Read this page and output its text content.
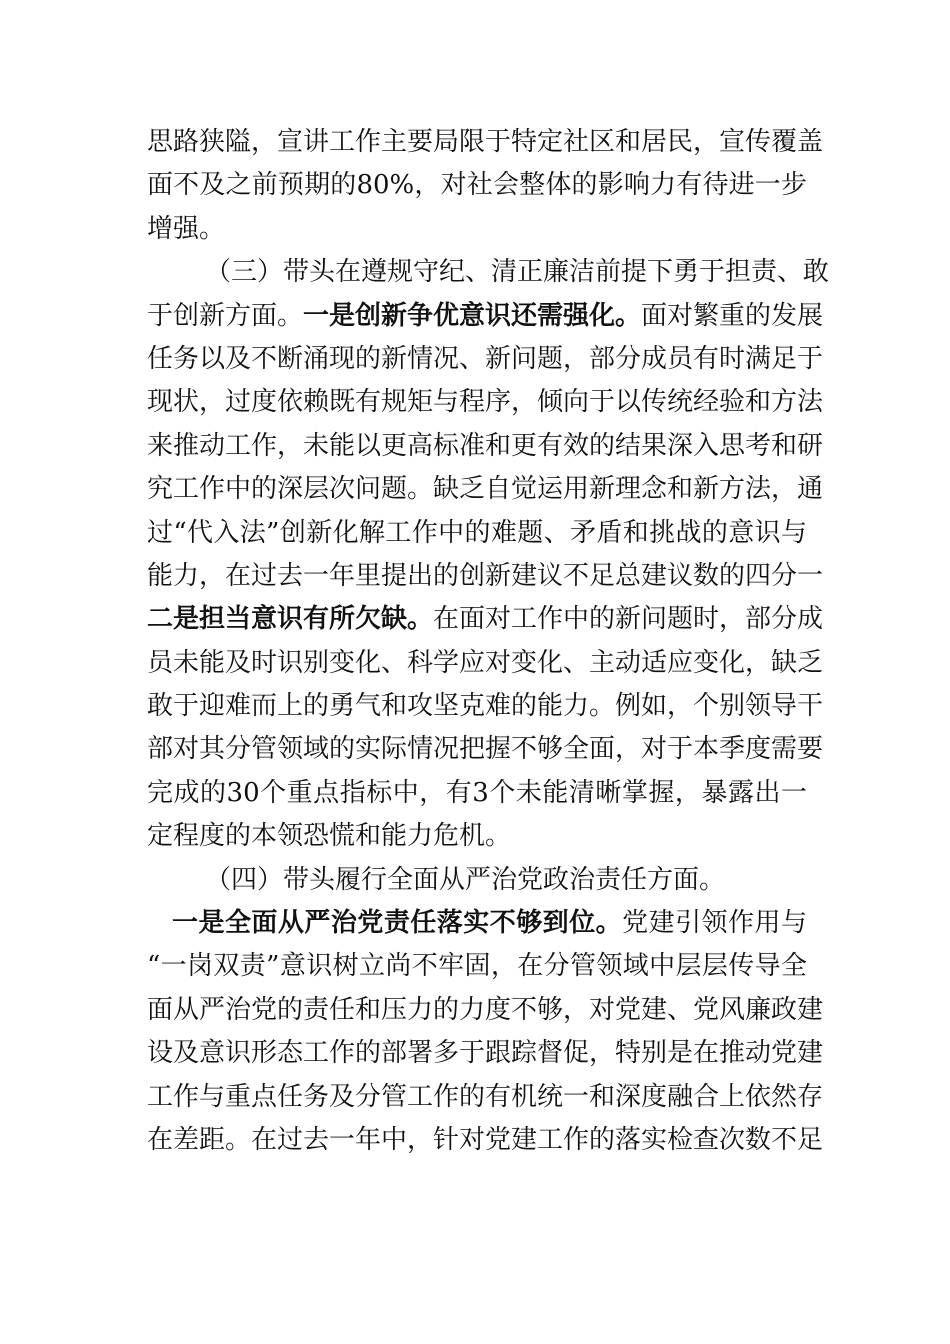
思路狭隘，宣讲工作主要局限于特定社区和居民，宣传覆盖
面不及之前预期的80%，对社会整体的影响力有待进一步
增强。
（三）带头在遵规守纪、清正廉洁前提下勇于担责、敢
于创新方面。一是创新争优意识还需强化。面对繁重的发展
任务以及不断涌现的新情况、新问题，部分成员有时满足于
现状，过度依赖既有规矩与程序，倾向于以传统经验和方法
来推动工作，未能以更高标准和更有效的结果深入思考和研
究工作中的深层次问题。缺乏自觉运用新理念和新方法，通
过“代入法”创新化解工作中的难题、矛盾和挑战的意识与
能力，在过去一年里提出的创新建议不足总建议数的四分一
二是担当意识有所欠缺。在面对工作中的新问题时，部分成
员未能及时识别变化、科学应对变化、主动适应变化，缺乏
敢于迎难而上的勇气和攻坚克难的能力。例如，个别领导干
部对其分管领域的实际情况把握不够全面，对于本季度需要
完成的30个重点指标中，有3个未能清晰掌握，暴露出一
定程度的本领恐慌和能力危机。
（四）带头履行全面从严治党政治责任方面。
一是全面从严治党责任落实不够到位。党建引领作用与
“一岗双责”意识树立尚不牢固，在分管领域中层层传导全
面从严治党的责任和压力的力度不够，对党建、党风廉政建
设及意识形态工作的部署多于跟踪督促，特别是在推动党建
工作与重点任务及分管工作的有机统一和深度融合上依然存
在差距。在过去一年中，针对党建工作的落实检查次数不足
